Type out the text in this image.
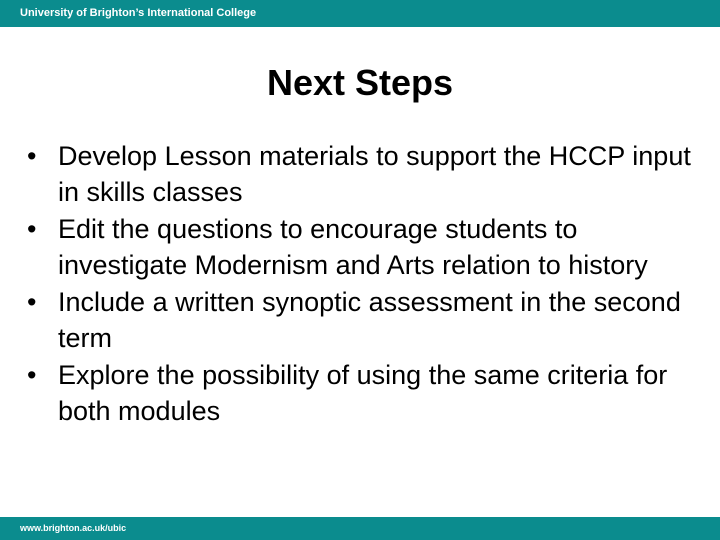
University of Brighton’s International College
Next Steps
• Develop Lesson materials to support the HCCP input in skills classes
• Edit the questions to encourage students to investigate Modernism and Arts relation to history
• Include a written synoptic assessment in the second term
• Explore the possibility of using the same criteria for both modules
www.brighton.ac.uk/ubic
